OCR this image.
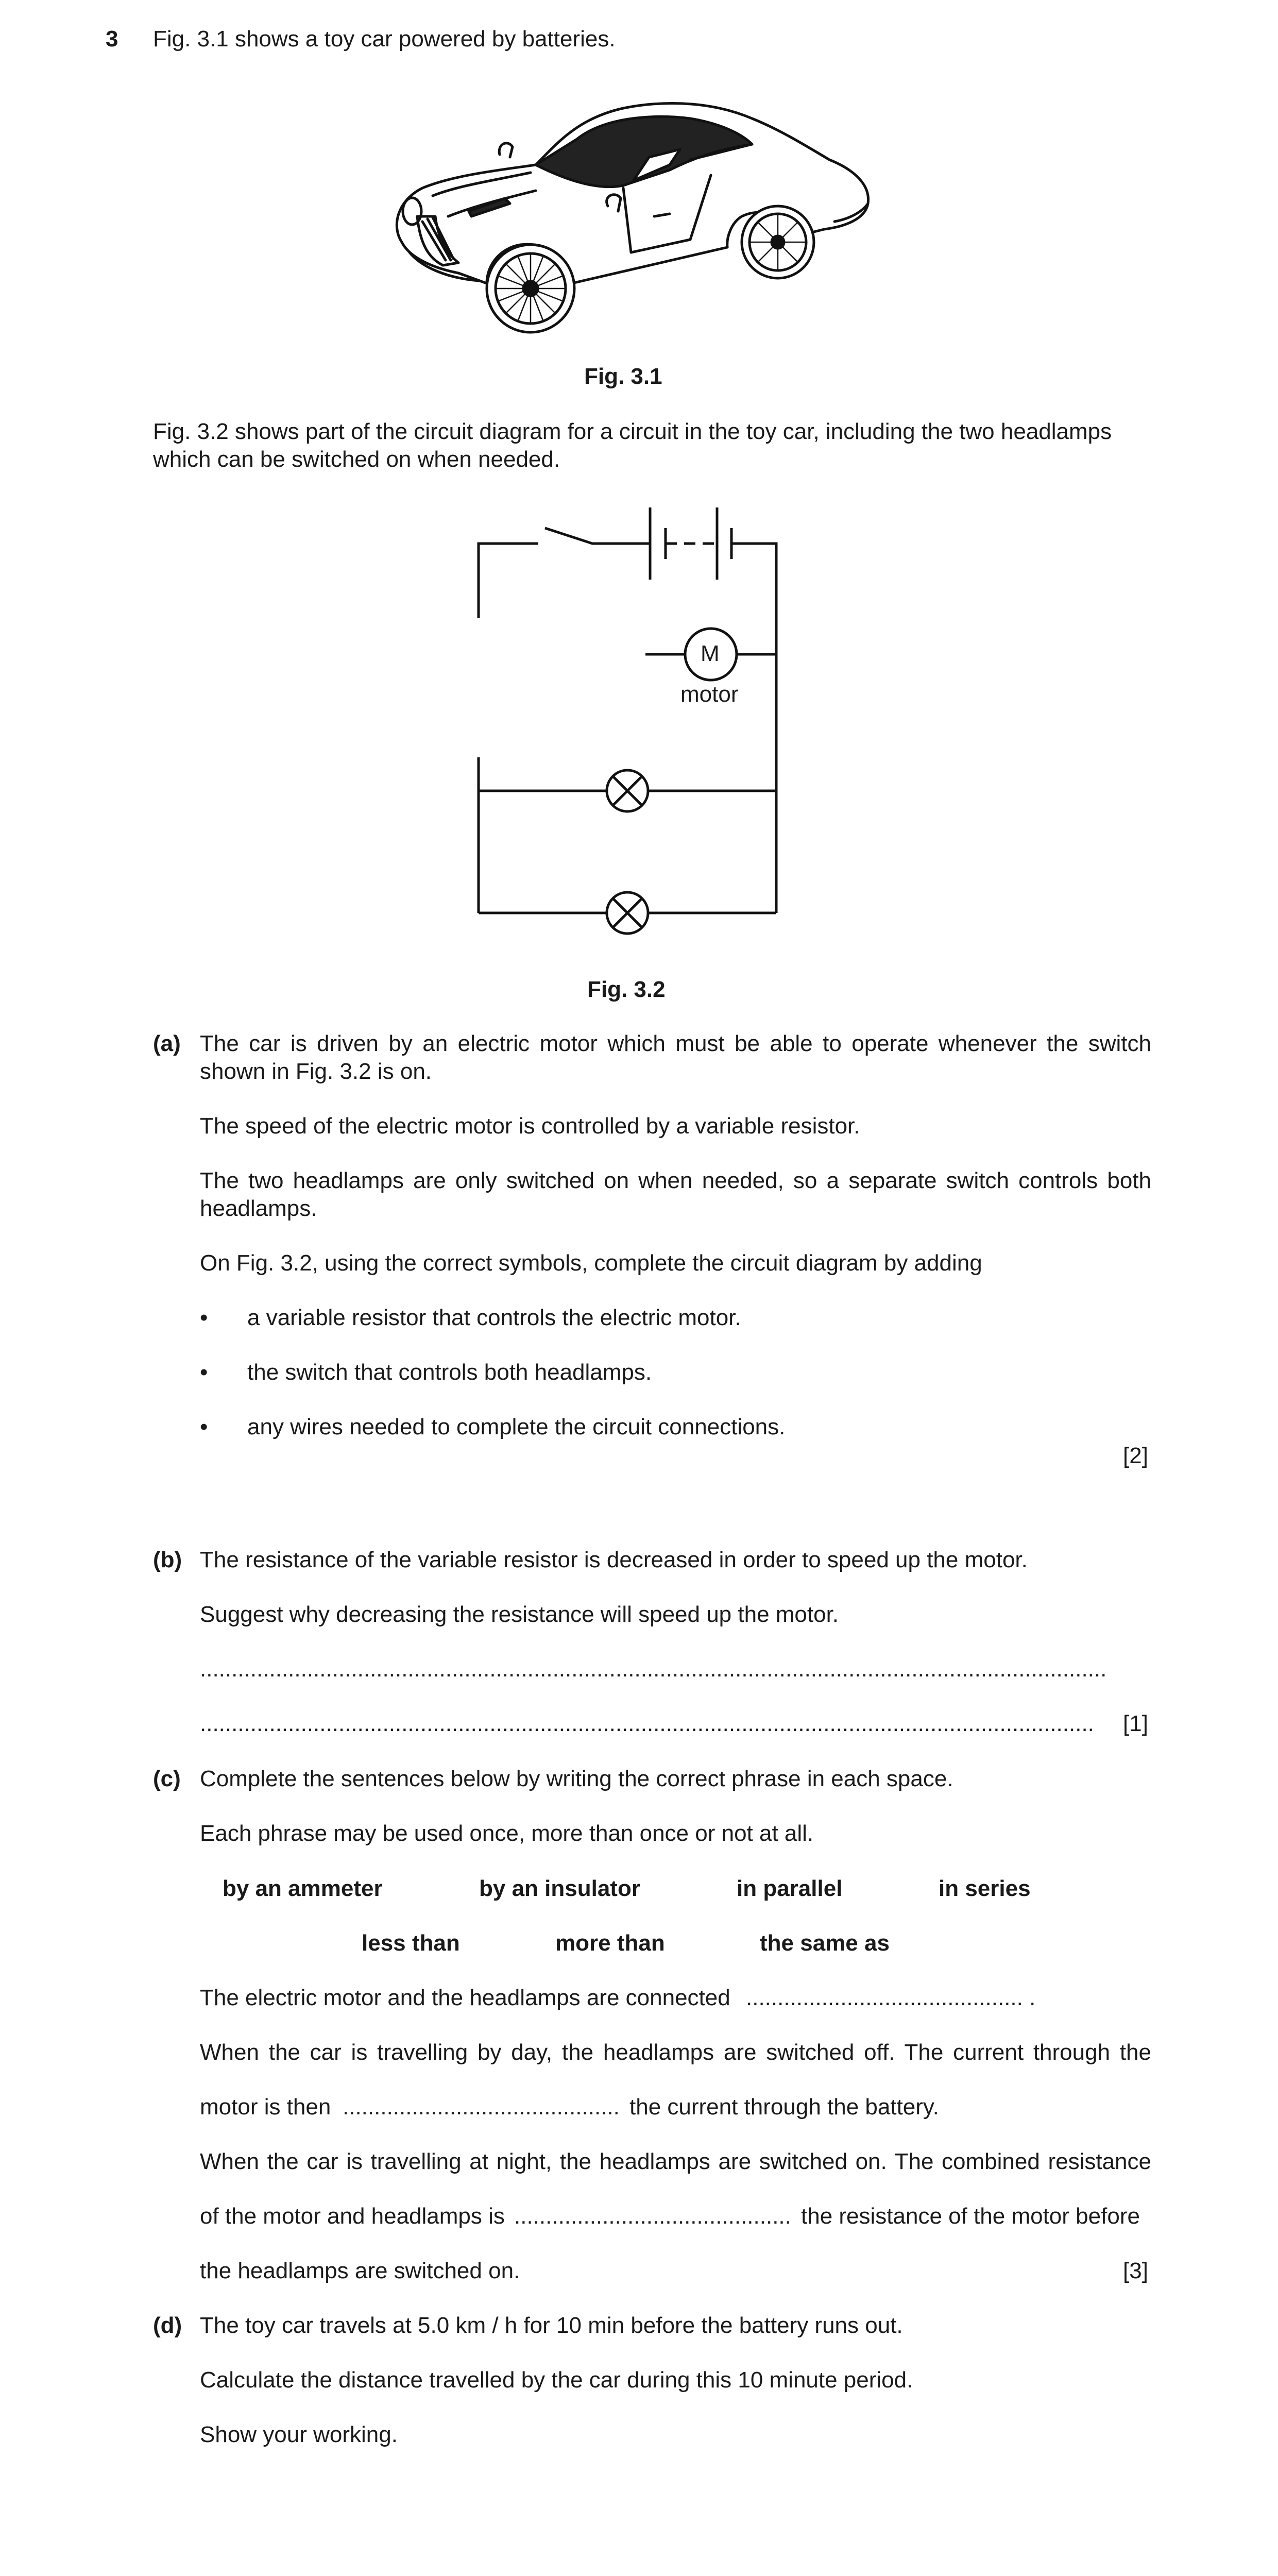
3 Fig. 3.1 shows a toy car powered by batteries.
Fig. 3.1
Fig. 3.2 shows part of the circuit diagram for a circuit in the toy car, including the two headlamps
which can be switched on when needed.
M
motor
Fig. 3.2
(a) The car is driven by an electric motor which must be able to operate whenever the switch
shown in Fig. 3.2 is on.
The speed of the electric motor is controlled by a variable resistor.
The two headlamps are only switched on when needed, so a separate switch controls both
headlamps.
On Fig. 3.2, using the correct symbols, complete the circuit diagram by adding
• a variable resistor that controls the electric motor.
• the switch that controls both headlamps.
• any wires needed to complete the circuit connections.
[2]
(b) The resistance of the variable resistor is decreased in order to speed up the motor.
Suggest why decreasing the resistance will speed up the motor.
................................................................................................................................................
..............................................................................................................................................	[1]
(c) Complete the sentences below by writing the correct phrase in each space.
Each phrase may be used once, more than once or not at all.
by an ammeter	by an insulator	in parallel	in series
less than	more than	the same as
The electric motor and the headlamps are connected ............................................ .
When the car is travelling by day, the headlamps are switched off. The current through the
motor is then ............................................ the current through the battery.
When the car is travelling at night, the headlamps are switched on. The combined resistance
of the motor and headlamps is ............................................ the resistance of the motor before
the headlamps are switched on.	[3]
(d) The toy car travels at 5.0 km / h for 10 min before the battery runs out.
Calculate the distance travelled by the car during this 10 minute period.
Show your working.
